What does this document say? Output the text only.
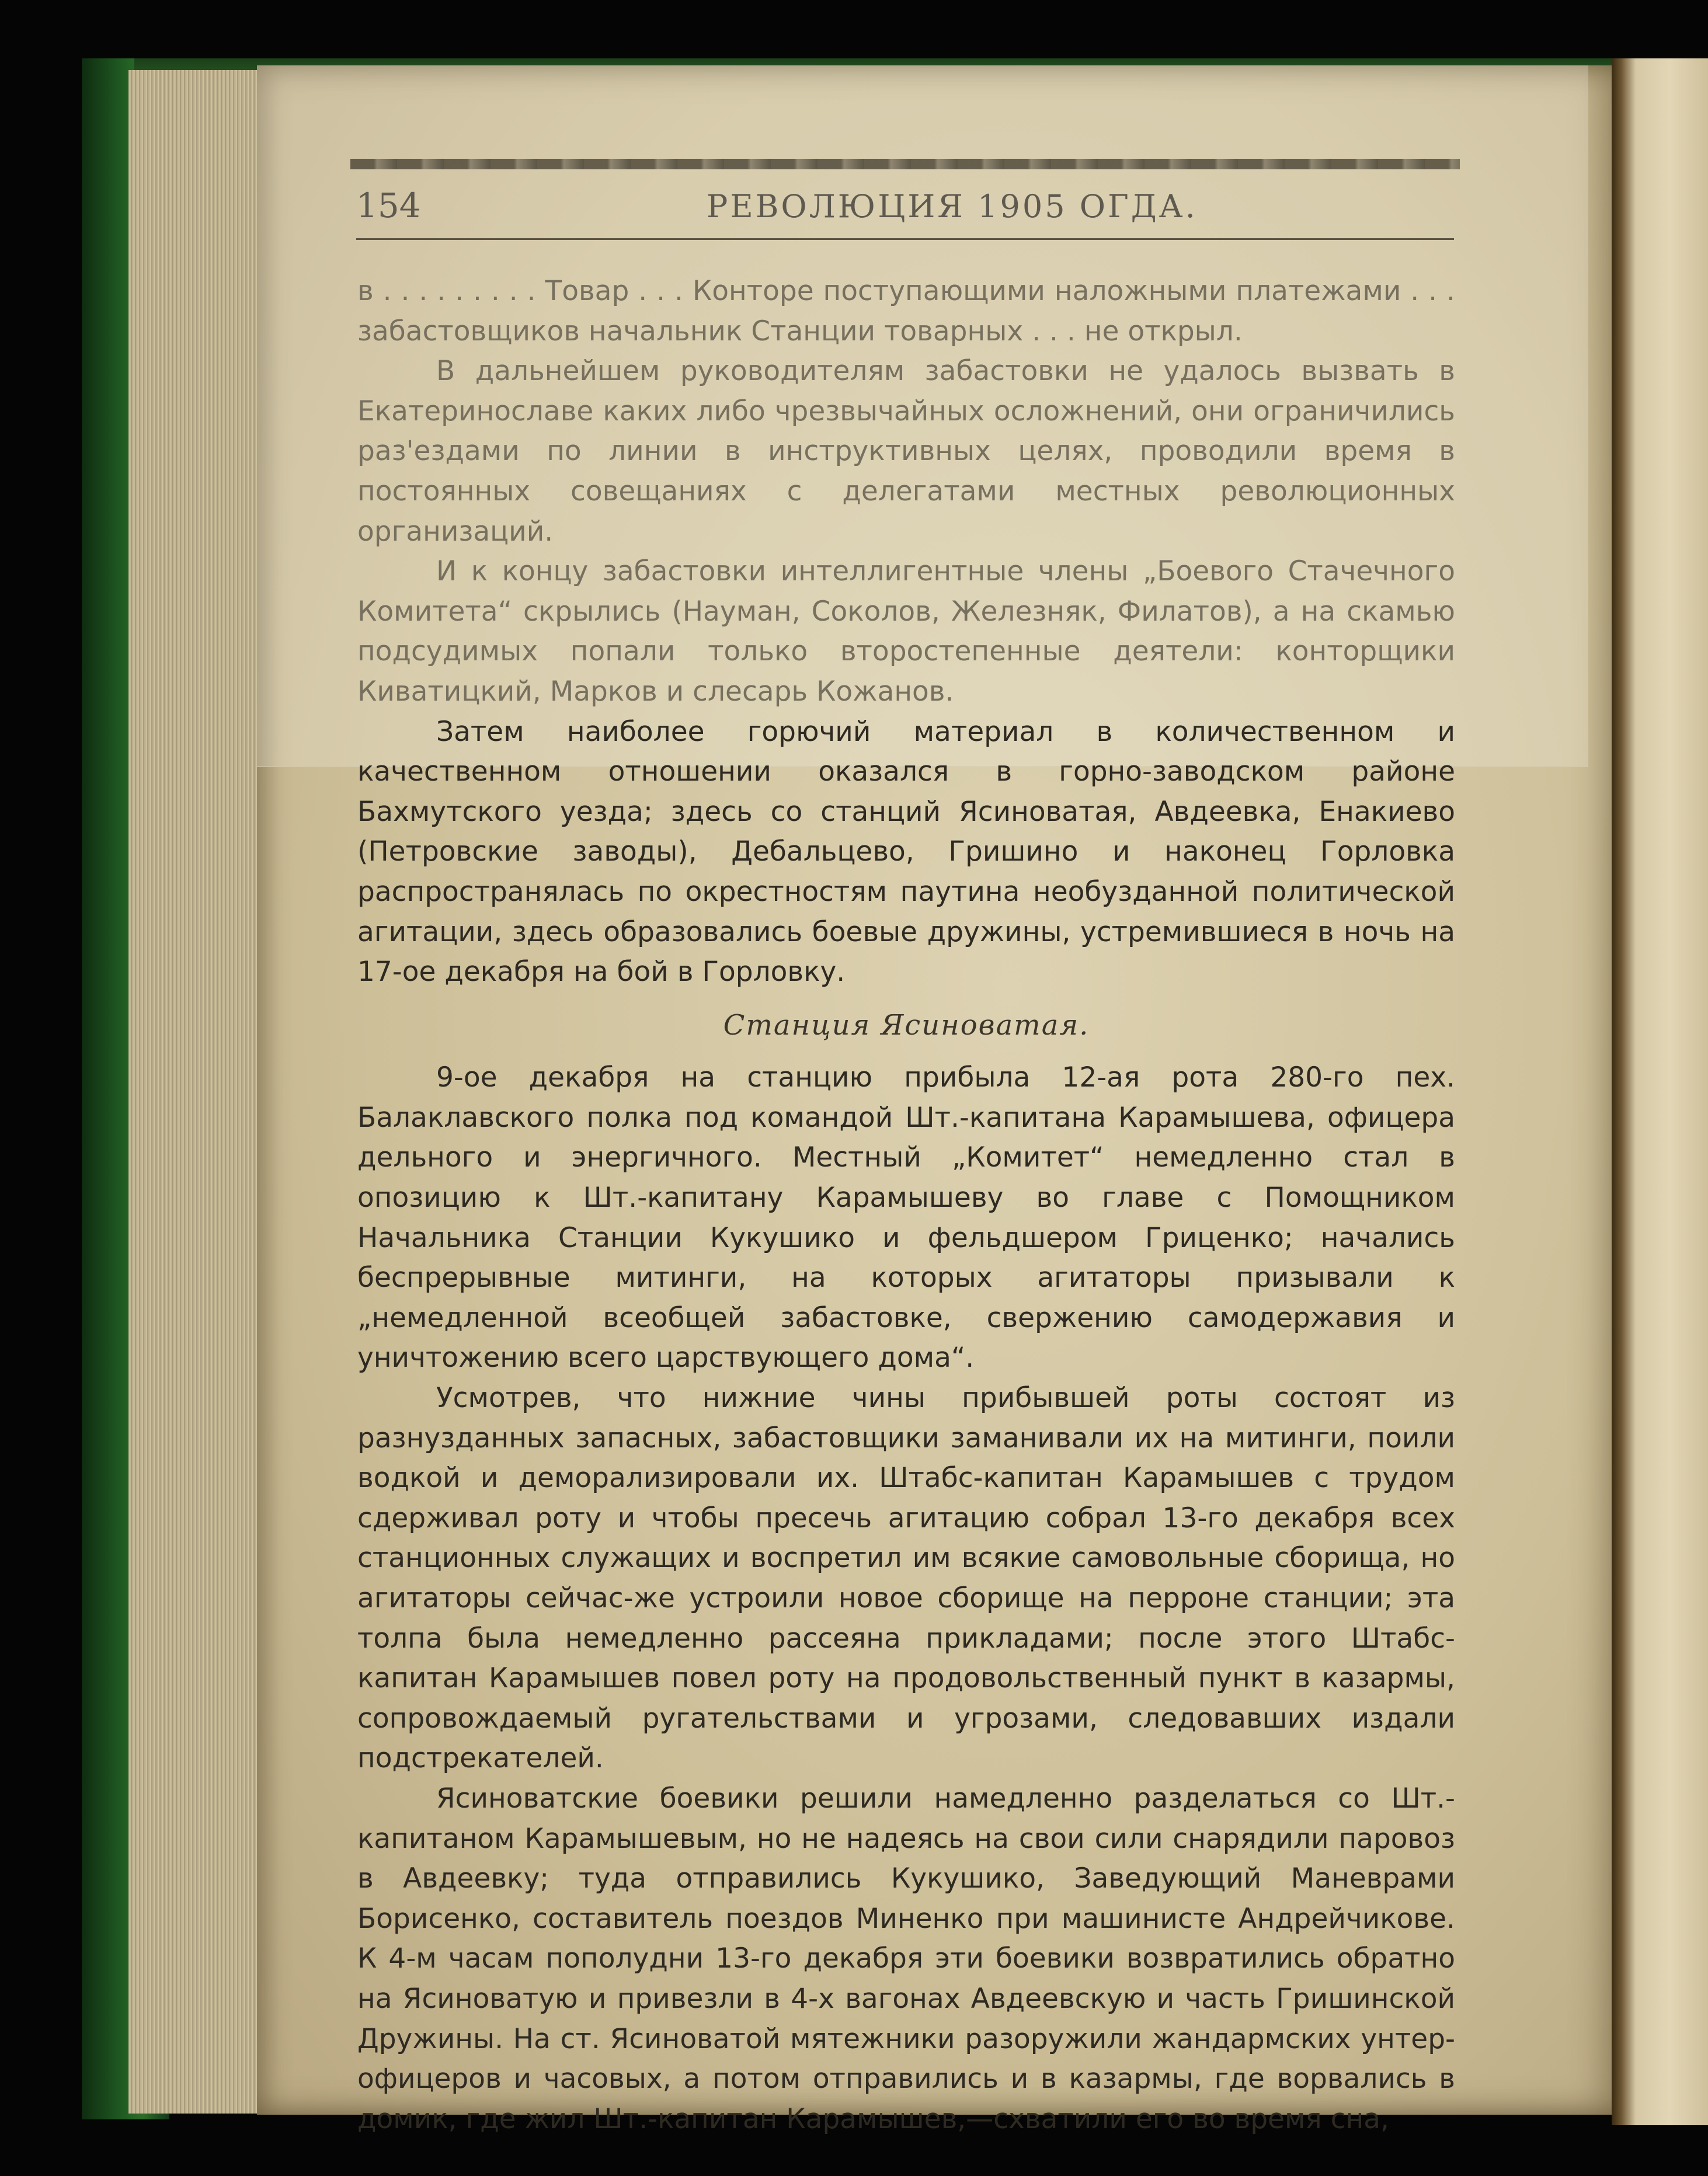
154	РЕВОЛЮЦИЯ 1905 ОГДА.

в . . . . . . . . . Товар . . . Конторе поступающими наложными платежами . . . забастовщиков начальник Станции товарных . . . не открыл.

В дальнейшем руководителям забастовки не удалось вызвать в Екатеринославе каких либо чрезвычайных осложнений, они ограничились раз'ездами по линии в инструктивных целях, проводили время в постоянных совещаниях с делегатами местных революционных организаций.

И к концу забастовки интеллигентные члены „Боевого Стачечного Комитета“ скрылись (Науман, Соколов, Железняк, Филатов), а на скамью подсудимых попали только второстепенные деятели: конторщики Киватицкий, Марков и слесарь Кожанов.

Затем наиболее горючий материал в количественном и качественном отношении оказался в горно-заводском районе Бахмутского уезда; здесь со станций Ясиноватая, Авдеевка, Енакиево (Петровские заводы), Дебальцево, Гришино и наконец Горловка распространялась по окрестностям паутина необузданной политической агитации, здесь образовались боевые дружины, устремившиеся в ночь на 17-ое декабря на бой в Горловку.

Станция Ясиноватая.

9-ое декабря на станцию прибыла 12-ая рота 280-го пех. Балаклавского полка под командой Шт.-капитана Карамышева, офицера дельного и энергичного. Местный „Комитет“ немедленно стал в опозицию к Шт.-капитану Карамышеву во главе с Помощником Начальника Станции Кукушико и фельдшером Гриценко; начались беспрерывные митинги, на которых агитаторы призывали к „немедленной всеобщей забастовке, свержению самодержавия и уничтожению всего царствующего дома“.

Усмотрев, что нижние чины прибывшей роты состоят из разнузданных запасных, забастовщики заманивали их на митинги, поили водкой и деморализировали их. Штабс-капитан Карамышев с трудом сдерживал роту и чтобы пресечь агитацию собрал 13-го декабря всех станционных служащих и воспретил им всякие самовольные сборища, но агитаторы сейчас-же устроили новое сборище на перроне станции; эта толпа была немедленно рассеяна прикладами; после этого Штабс-капитан Карамышев повел роту на продовольственный пункт в казармы, сопровождаемый ругательствами и угрозами, следовавших издали подстрекателей.

Ясиноватские боевики решили намедленно разделаться со Шт.-капитаном Карамышевым, но не надеясь на свои сили снарядили паровоз в Авдеевку; туда отправились Кукушико, Заведующий Маневрами Борисенко, составитель поездов Миненко при машинисте Андрейчикове. К 4-м часам пополудни 13-го декабря эти боевики возвратились обратно на Ясиноватую и привезли в 4-х вагонах Авдеевскую и часть Гришинской Дружины. На ст. Ясиноватой мятежники разоружили жандармских унтер-офицеров и часовых, а потом отправились и в казармы, где ворвались в домик, где жил Шт.-капитан Карамышев,—схватили его во время сна,
